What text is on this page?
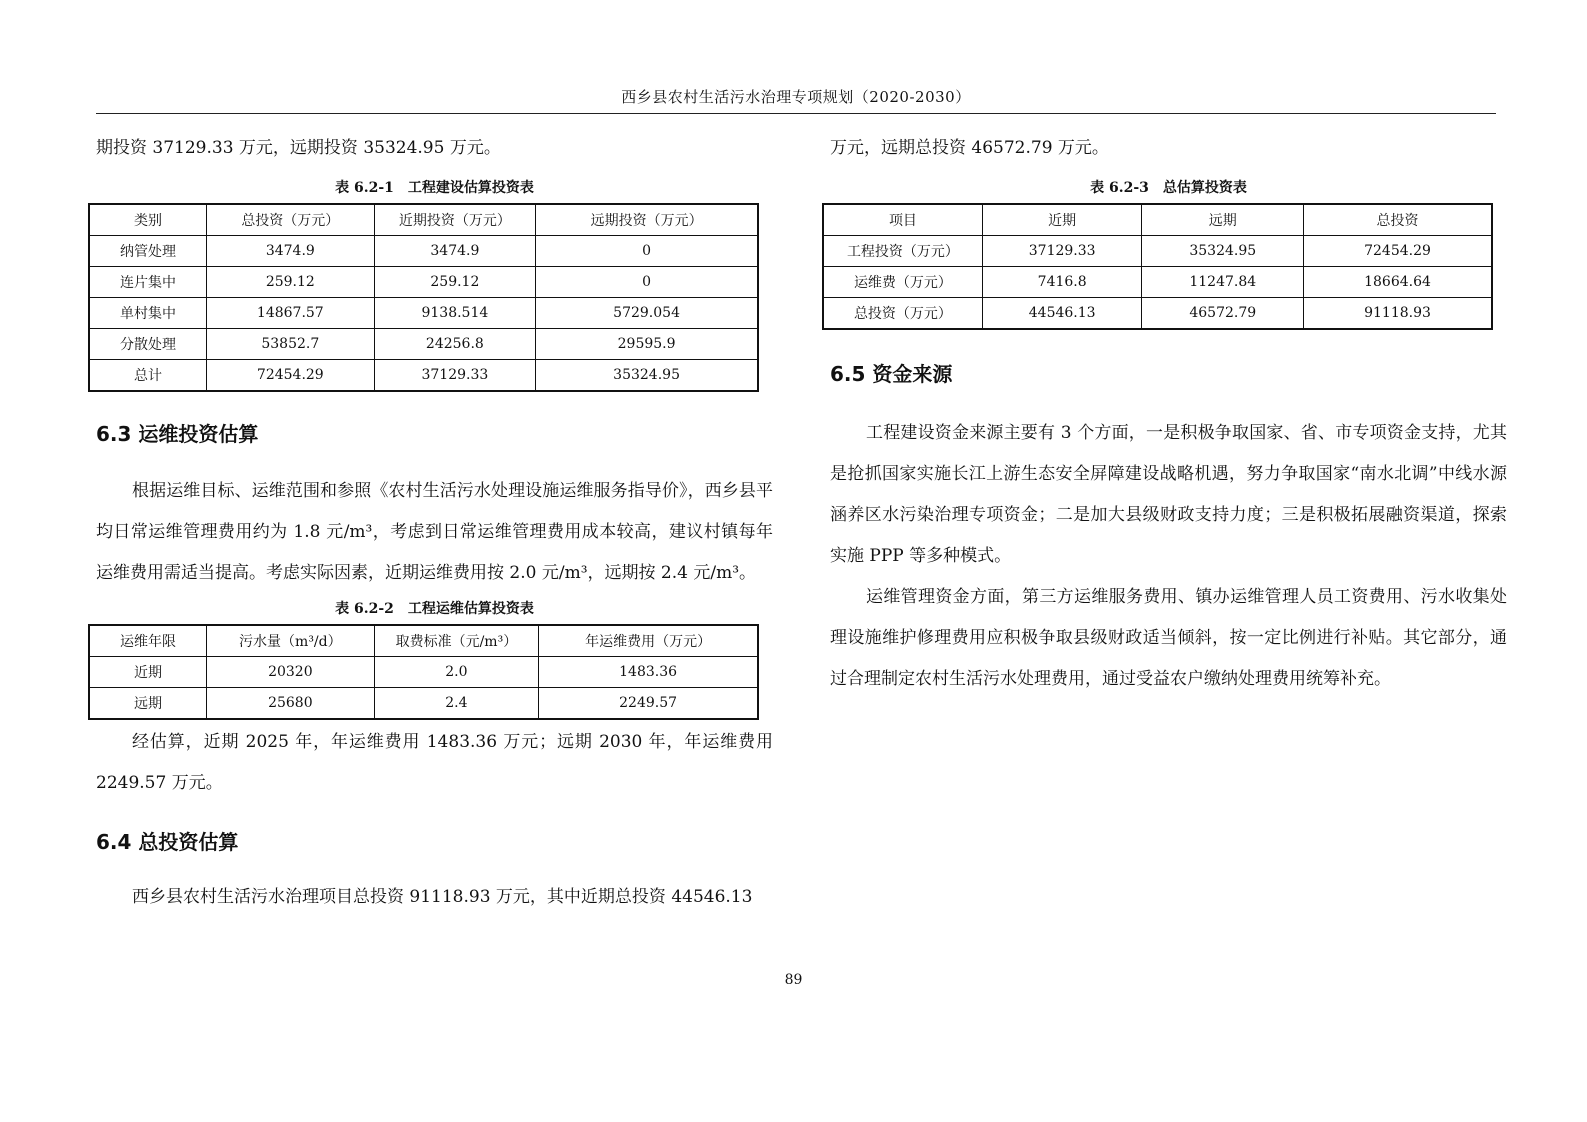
西乡县农村生活污水治理专项规划（2020-2030）

期投资 37129.33 万元，远期投资 35324.95 万元。

表 6.2-1　工程建设估算投资表
类别	总投资（万元）	近期投资（万元）	远期投资（万元）
纳管处理	3474.9	3474.9	0
连片集中	259.12	259.12	0
单村集中	14867.57	9138.514	5729.054
分散处理	53852.7	24256.8	29595.9
总计	72454.29	37129.33	35324.95
6.3 运维投资估算

根据运维目标、运维范围和参照《农村生活污水处理设施运维服务指导价》，西乡县平均日常运维管理费用约为 1.8 元/m³，考虑到日常运维管理费用成本较高，建议村镇每年运维费用需适当提高。考虑实际因素，近期运维费用按 2.0 元/m³，远期按 2.4 元/m³。

表 6.2-2　工程运维估算投资表
运维年限	污水量（m³/d）	取费标准（元/m³）	年运维费用（万元）
近期	20320	2.0	1483.36
远期	25680	2.4	2249.57

经估算，近期 2025 年，年运维费用 1483.36 万元；远期 2030 年，年运维费用 2249.57 万元。

6.4 总投资估算

西乡县农村生活污水治理项目总投资 91118.93 万元，其中近期总投资 44546.13

万元，远期总投资 46572.79 万元。

表 6.2-3　总估算投资表
项目	近期	远期	总投资
工程投资（万元）	37129.33	35324.95	72454.29
运维费（万元）	7416.8	11247.84	18664.64
总投资（万元）	44546.13	46572.79	91118.93
6.5 资金来源

工程建设资金来源主要有 3 个方面，一是积极争取国家、省、市专项资金支持，尤其是抢抓国家实施长江上游生态安全屏障建设战略机遇，努力争取国家“南水北调”中线水源涵养区水污染治理专项资金；二是加大县级财政支持力度；三是积极拓展融资渠道，探索实施 PPP 等多种模式。

运维管理资金方面，第三方运维服务费用、镇办运维管理人员工资费用、污水收集处理设施维护修理费用应积极争取县级财政适当倾斜，按一定比例进行补贴。其它部分，通过合理制定农村生活污水处理费用，通过受益农户缴纳处理费用统筹补充。

89
